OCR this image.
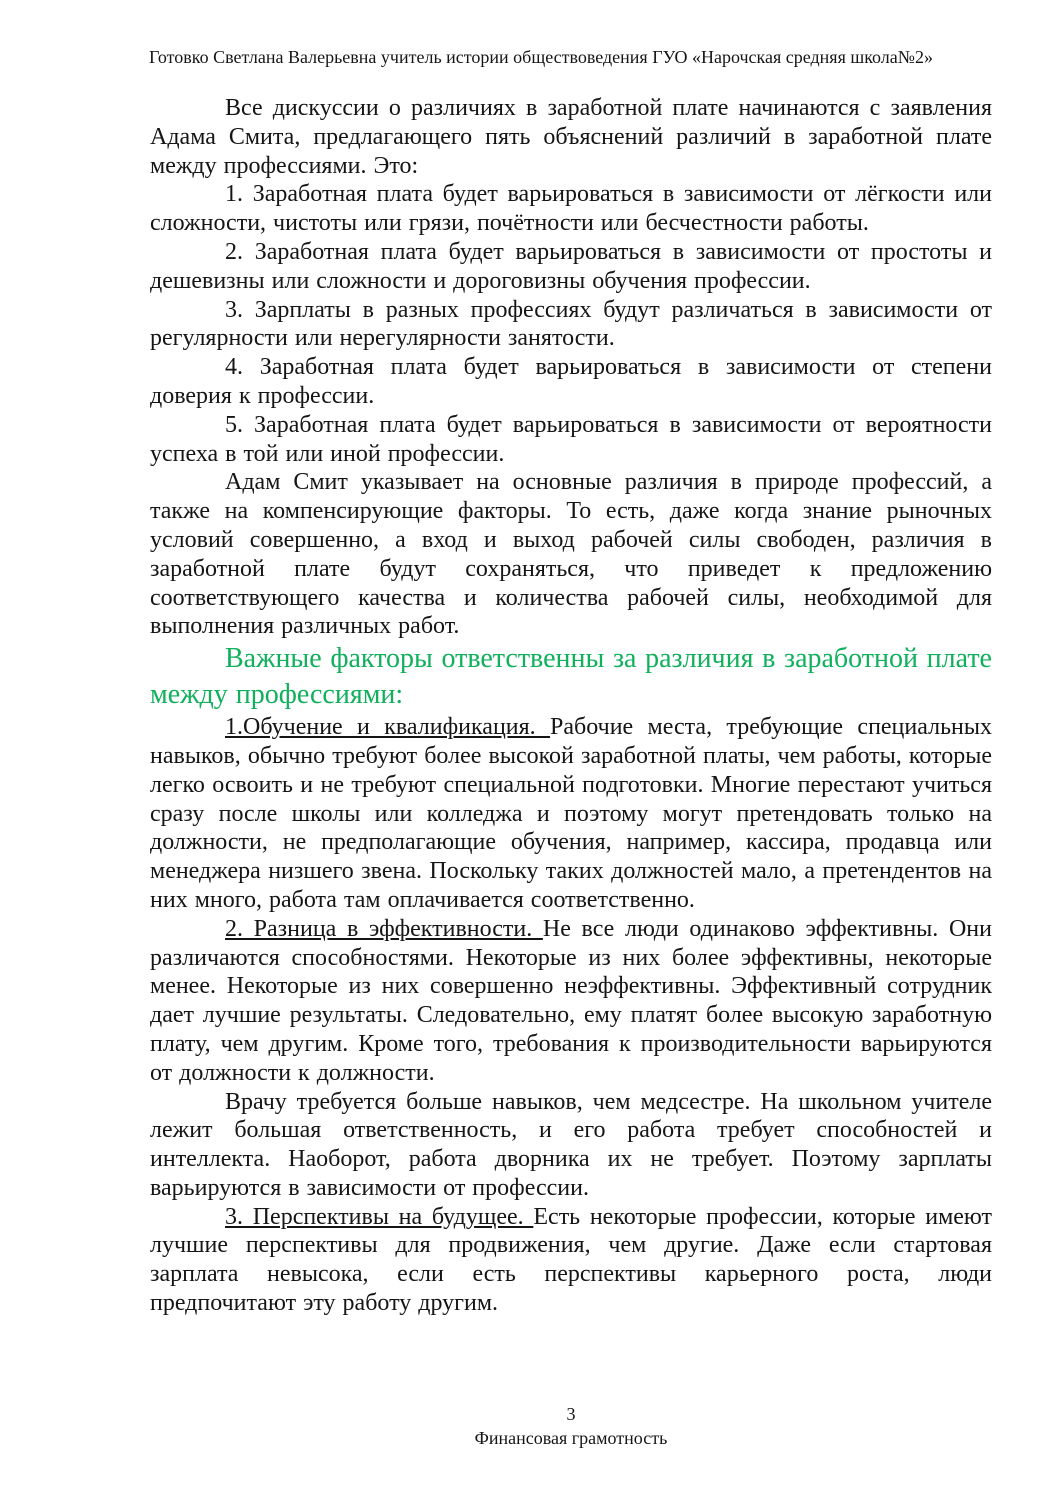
Готовко Светлана Валерьевна учитель истории обществоведения ГУО «Нарочская средняя школа№2»

Все дискуссии о различиях в заработной плате начинаются с заявления Адама Смита, предлагающего пять объяснений различий в заработной плате между профессиями. Это:

1. Заработная плата будет варьироваться в зависимости от лёгкости или сложности, чистоты или грязи, почётности или бесчестности работы.

2. Заработная плата будет варьироваться в зависимости от простоты и дешевизны или сложности и дороговизны обучения профессии.

3. Зарплаты в разных профессиях будут различаться в зависимости от регулярности или нерегулярности занятости.

4. Заработная плата будет варьироваться в зависимости от степени доверия к профессии.

5. Заработная плата будет варьироваться в зависимости от вероятности успеха в той или иной профессии.

Адам Смит указывает на основные различия в природе профессий, а также на компенсирующие факторы. То есть, даже когда знание рыночных условий совершенно, а вход и выход рабочей силы свободен, различия в заработной плате будут сохраняться, что приведет к предложению соответствующего качества и количества рабочей силы, необходимой для выполнения различных работ.

Важные факторы ответственны за различия в заработной плате между профессиями:

1.Обучение и квалификация. Рабочие места, требующие специальных навыков, обычно требуют более высокой заработной платы, чем работы, которые легко освоить и не требуют специальной подготовки. Многие перестают учиться сразу после школы или колледжа и поэтому могут претендовать только на должности, не предполагающие обучения, например, кассира, продавца или менеджера низшего звена. Поскольку таких должностей мало, а претендентов на них много, работа там оплачивается соответственно.

2. Разница в эффективности. Не все люди одинаково эффективны. Они различаются способностями. Некоторые из них более эффективны, некоторые менее. Некоторые из них совершенно неэффективны. Эффективный сотрудник дает лучшие результаты. Следовательно, ему платят более высокую заработную плату, чем другим. Кроме того, требования к производительности варьируются от должности к должности.

Врачу требуется больше навыков, чем медсестре. На школьном учителе лежит большая ответственность, и его работа требует способностей и интеллекта. Наоборот, работа дворника их не требует. Поэтому зарплаты варьируются в зависимости от профессии.

3. Перспективы на будущее. Есть некоторые профессии, которые имеют лучшие перспективы для продвижения, чем другие. Даже если стартовая зарплата невысока, если есть перспективы карьерного роста, люди предпочитают эту работу другим.

3
Финансовая грамотность
